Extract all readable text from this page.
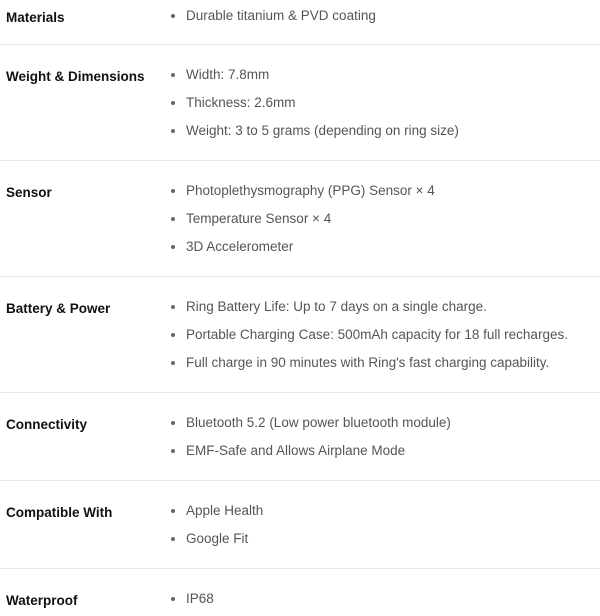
Materials	Durable titanium & PVD coating
Weight & Dimensions	Width: 7.8mm
Thickness: 2.6mm
Weight: 3 to 5 grams (depending on ring size)
Sensor	Photoplethysmography (PPG) Sensor × 4
Temperature Sensor × 4
3D Accelerometer
Battery & Power	Ring Battery Life: Up to 7 days on a single charge.
Portable Charging Case: 500mAh capacity for 18 full recharges.
Full charge in 90 minutes with Ring's fast charging capability.
Connectivity	Bluetooth 5.2 (Low power bluetooth module)
EMF-Safe and Allows Airplane Mode
Compatible With	Apple Health
Google Fit
Waterproof	IP68
